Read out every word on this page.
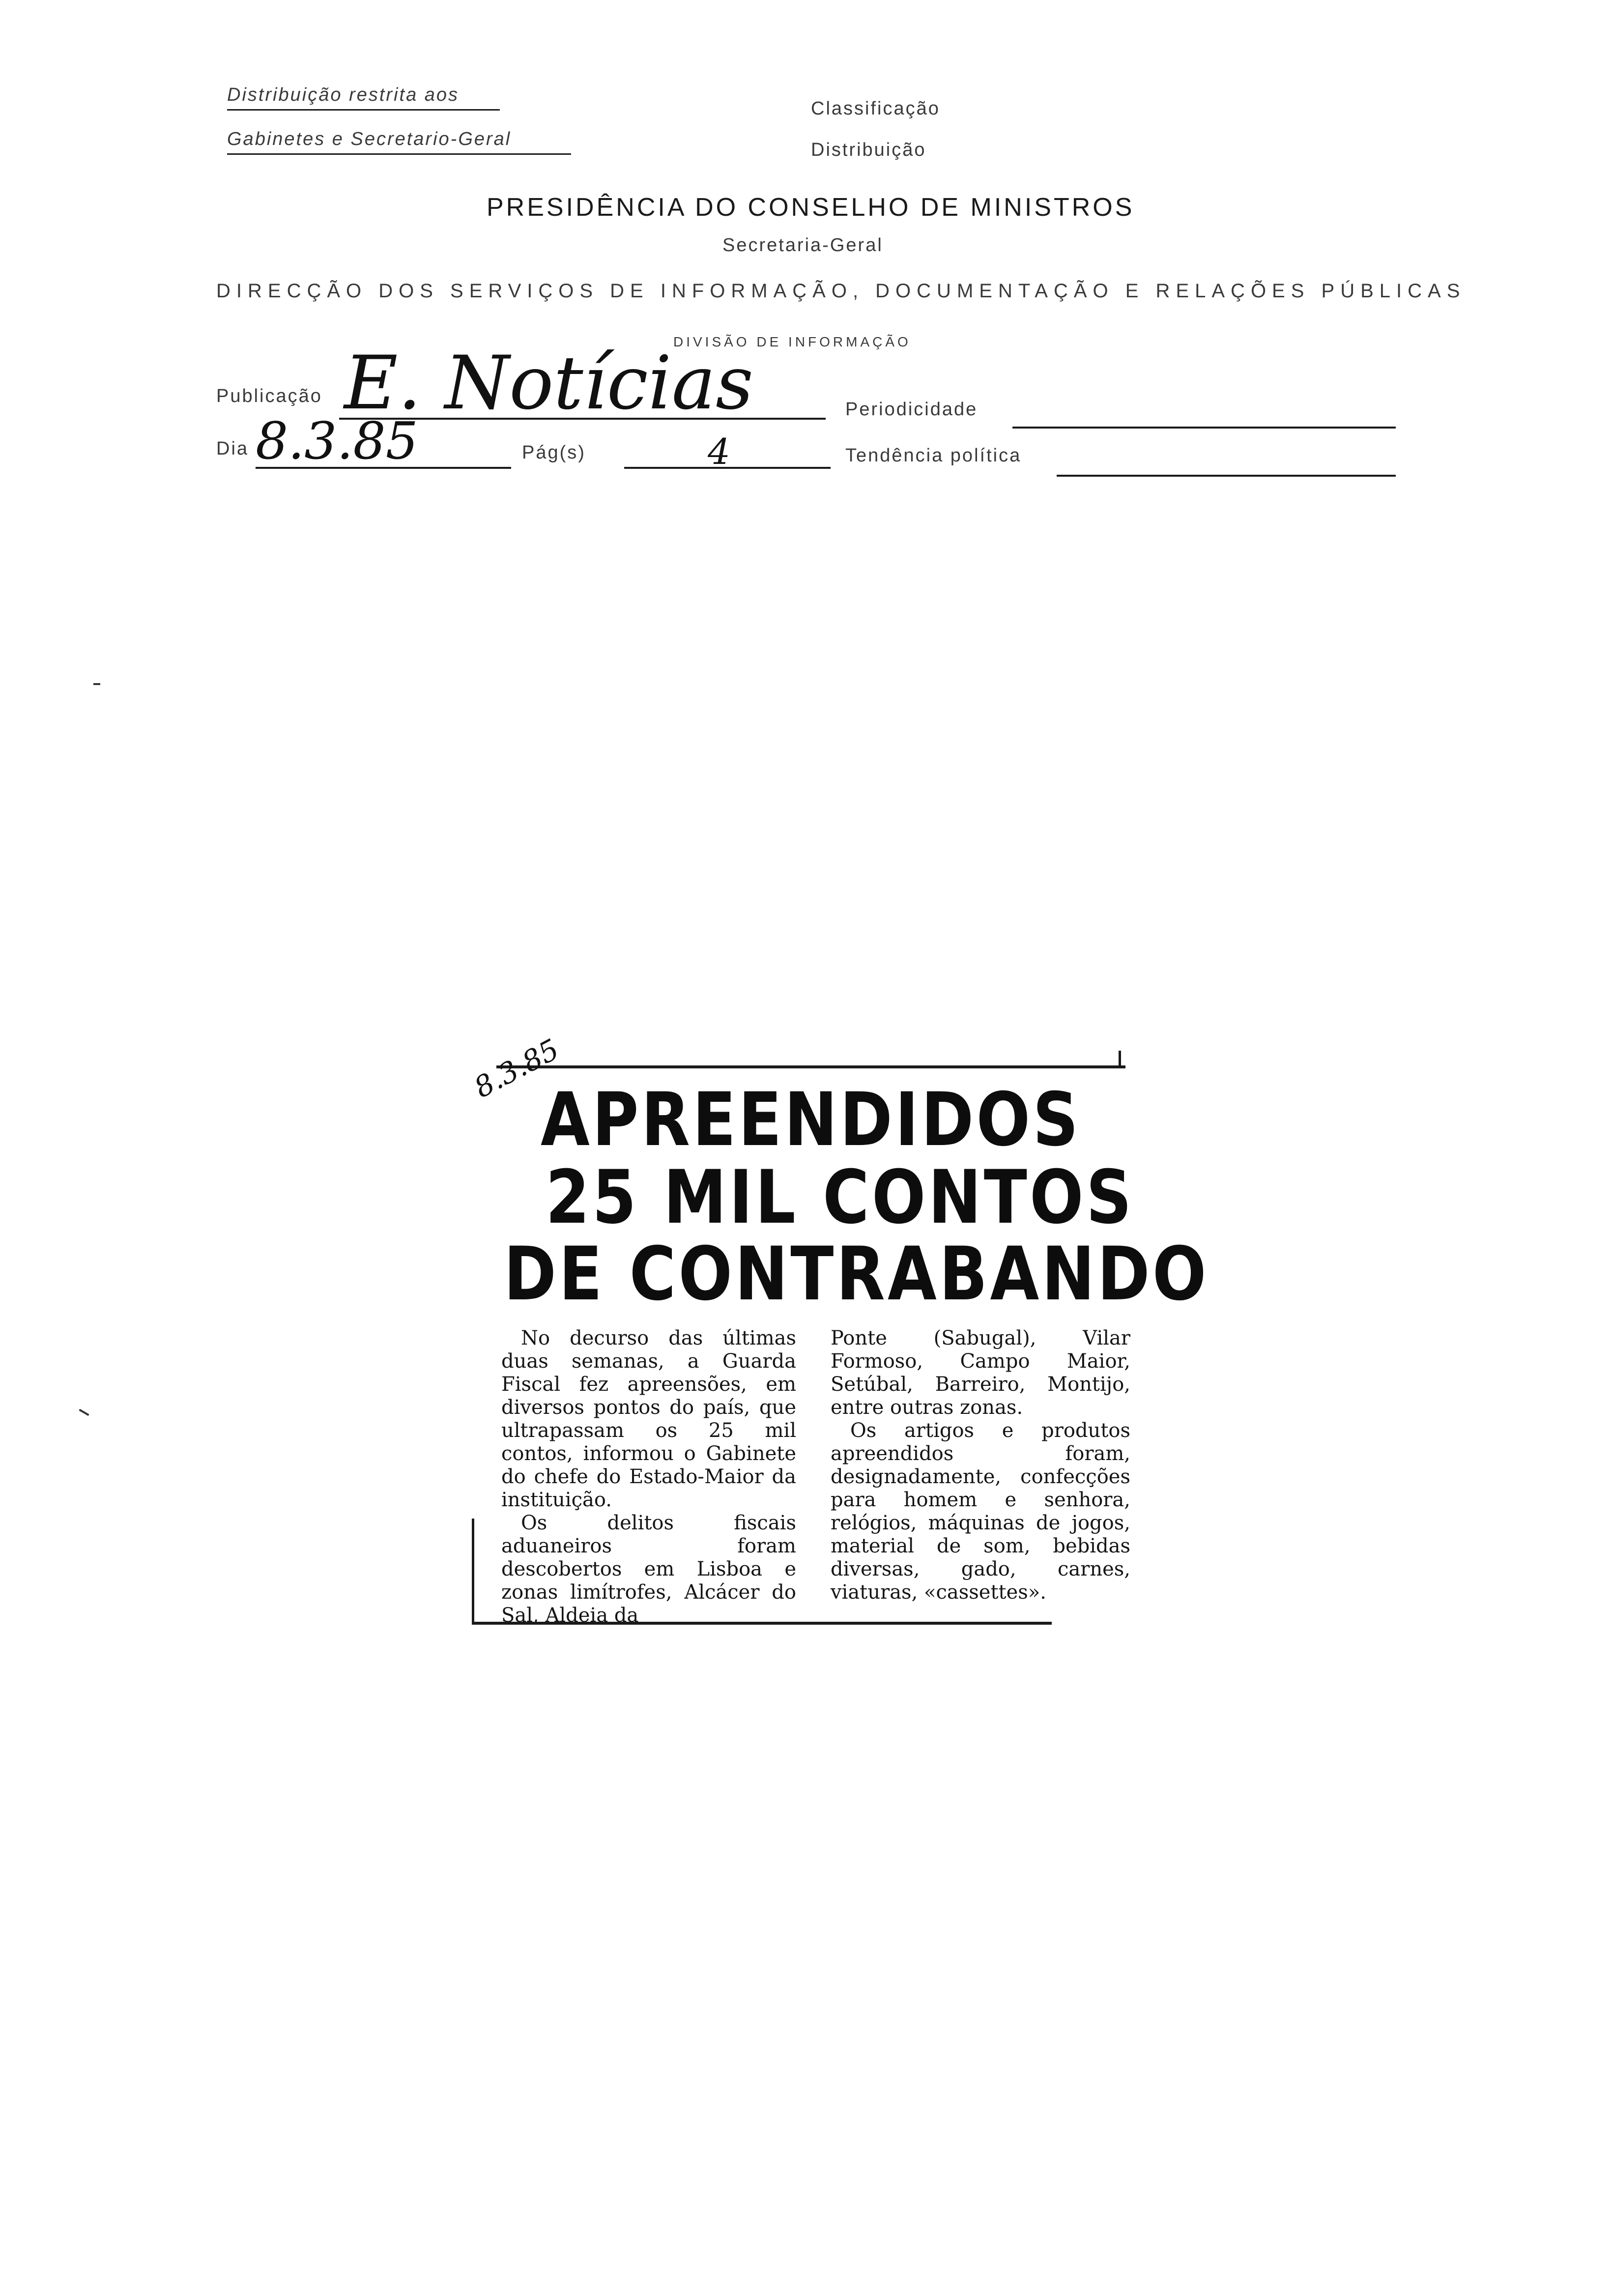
Distribuição restrita aos
Gabinetes e Secretario-Geral
Classificação
Distribuição
PRESIDÊNCIA DO CONSELHO DE MINISTROS
Secretaria-Geral
DIRECÇÃO DOS SERVIÇOS DE INFORMAÇÃO, DOCUMENTAÇÃO E RELAÇÕES PÚBLICAS
DIVISÃO DE INFORMAÇÃO
Publicação E. Notícias	Periodicidade
Dia 8.3.85	Pág(s)	4	Tendência política
8.3.85
APREENDIDOS
25 MIL CONTOS
DE CONTRABANDO

No decurso das últimas duas semanas, a Guarda Fiscal fez apreensões, em diversos pontos do país, que ultrapassam os 25 mil contos, informou o Gabinete do chefe do Estado-Maior da instituição.

Os delitos fiscais aduaneiros foram descobertos em Lisboa e zonas limítrofes, Alcácer do Sal, Aldeia da

Ponte (Sabugal), Vilar Formoso, Campo Maior, Setúbal, Barreiro, Montijo, entre outras zonas.

Os artigos e produtos apreendidos foram, designadamente, confecções para homem e senhora, relógios, máquinas de jogos, material de som, bebidas diversas, gado, carnes, viaturas, «cassettes».
